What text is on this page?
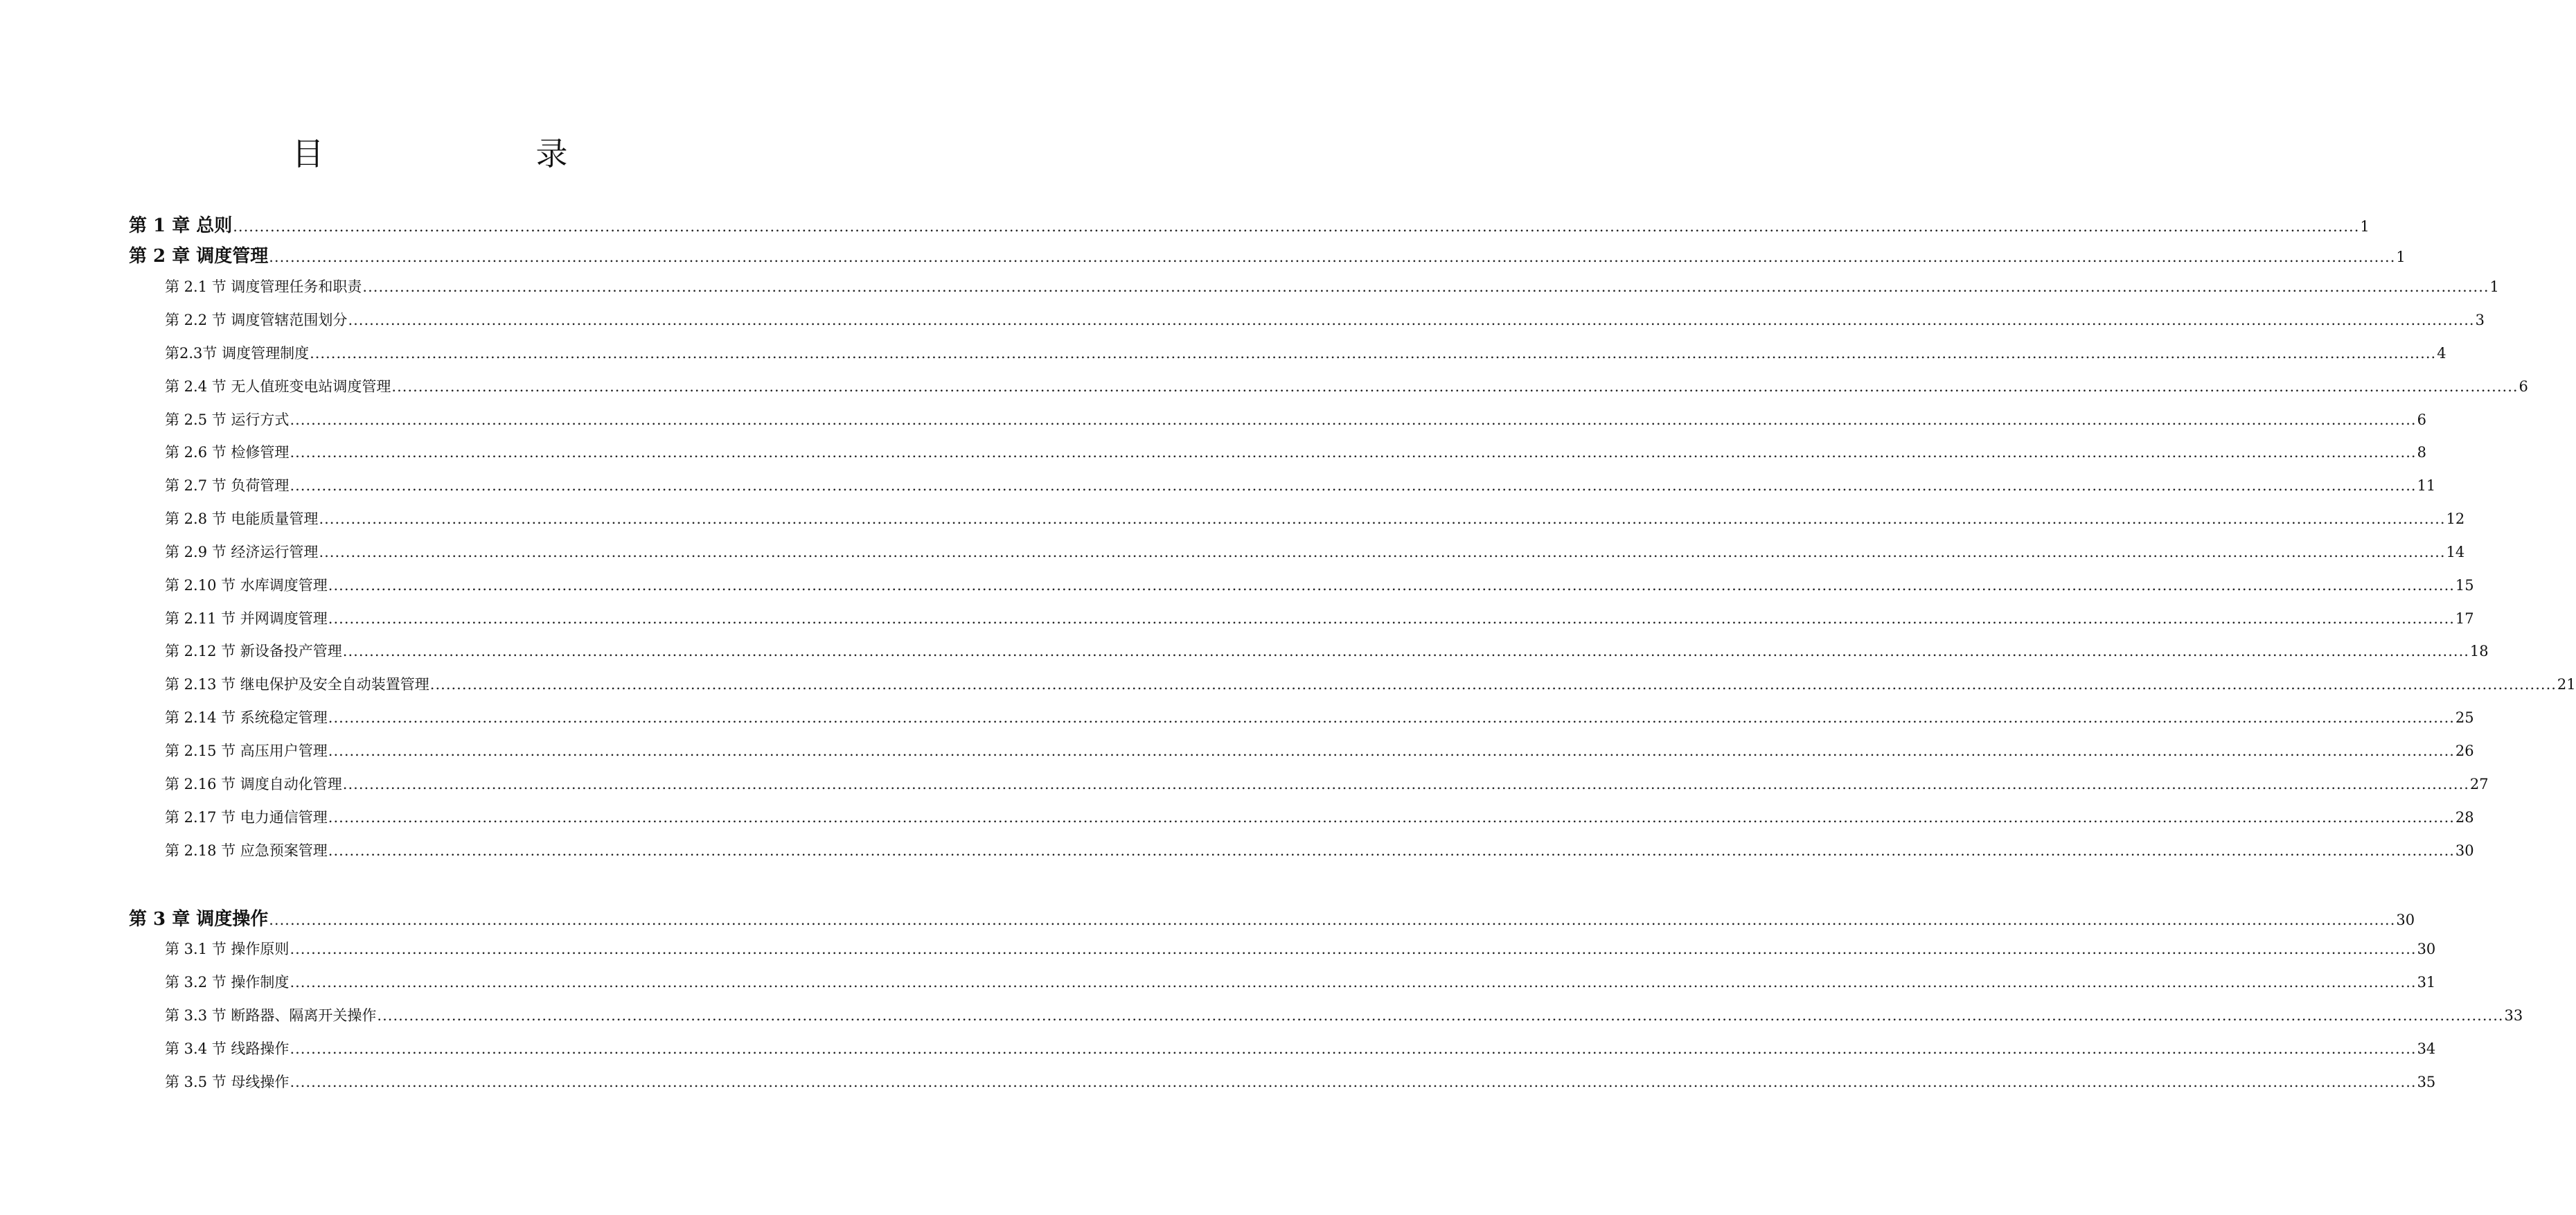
目　　录
第 1 章 总则 ................................................................................................................................................................................................................................................................................................................................................................................................................ 1
第 2 章 调度管理 ................................................................................................................................................................................................................................................................................................................................................................................................................ 1
第 2.1 节 调度管理任务和职责 ................................................................................................................................................................................................................................................................................................................................................................................................................ 1
第 2.2 节 调度管辖范围划分 ................................................................................................................................................................................................................................................................................................................................................................................................................ 3
第2.3节 调度管理制度 ................................................................................................................................................................................................................................................................................................................................................................................................................ 4
第 2.4 节 无人值班变电站调度管理 ................................................................................................................................................................................................................................................................................................................................................................................................................ 6
第 2.5 节 运行方式 ................................................................................................................................................................................................................................................................................................................................................................................................................ 6
第 2.6 节 检修管理 ................................................................................................................................................................................................................................................................................................................................................................................................................ 8
第 2.7 节 负荷管理 ................................................................................................................................................................................................................................................................................................................................................................................................................ 11
第 2.8 节 电能质量管理 ................................................................................................................................................................................................................................................................................................................................................................................................................ 12
第 2.9 节 经济运行管理 ................................................................................................................................................................................................................................................................................................................................................................................................................ 14
第 2.10 节 水库调度管理 ................................................................................................................................................................................................................................................................................................................................................................................................................ 15
第 2.11 节 并网调度管理 ................................................................................................................................................................................................................................................................................................................................................................................................................ 17
第 2.12 节 新设备投产管理 ................................................................................................................................................................................................................................................................................................................................................................................................................ 18
第 2.13 节 继电保护及安全自动装置管理 ................................................................................................................................................................................................................................................................................................................................................................................................................ 21
第 2.14 节 系统稳定管理 ................................................................................................................................................................................................................................................................................................................................................................................................................ 25
第 2.15 节 高压用户管理 ................................................................................................................................................................................................................................................................................................................................................................................................................ 26
第 2.16 节 调度自动化管理 ................................................................................................................................................................................................................................................................................................................................................................................................................ 27
第 2.17 节 电力通信管理 ................................................................................................................................................................................................................................................................................................................................................................................................................ 28
第 2.18 节 应急预案管理 ................................................................................................................................................................................................................................................................................................................................................................................................................ 30
第 3 章 调度操作 ................................................................................................................................................................................................................................................................................................................................................................................................................ 30
第 3.1 节 操作原则 ................................................................................................................................................................................................................................................................................................................................................................................................................ 30
第 3.2 节 操作制度 ................................................................................................................................................................................................................................................................................................................................................................................................................ 31
第 3.3 节 断路器、隔离开关操作 ................................................................................................................................................................................................................................................................................................................................................................................................................ 33
第 3.4 节 线路操作 ................................................................................................................................................................................................................................................................................................................................................................................................................ 34
第 3.5 节 母线操作 ................................................................................................................................................................................................................................................................................................................................................................................................................ 35
